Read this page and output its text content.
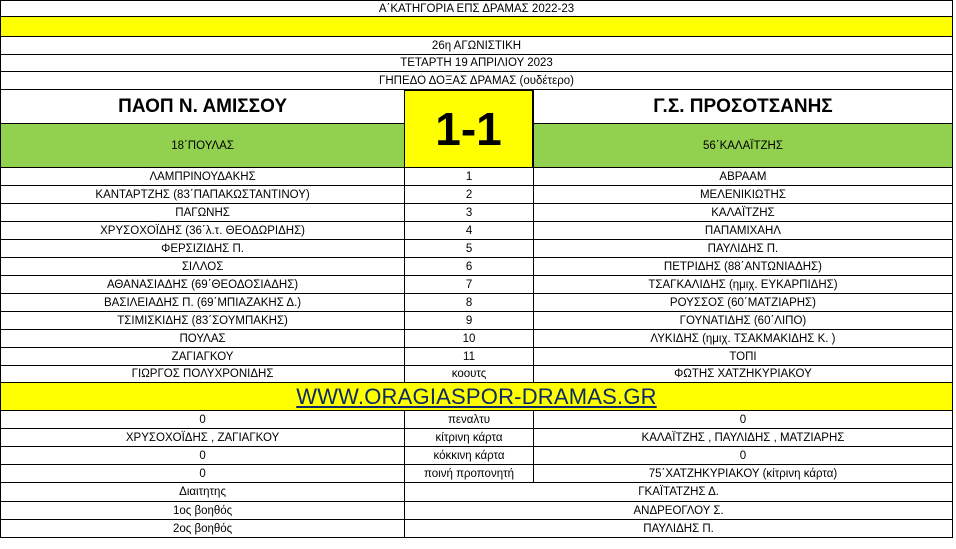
Α΄ΚΑΤΗΓΟΡΙΑ ΕΠΣ ΔΡΑΜΑΣ 2022-23
26η ΑΓΩΝΙΣΤΙΚΗ
ΤΕΤΑΡΤΗ 19 ΑΠΡΙΛΙΟΥ 2023
ΓΗΠΕΔΟ ΔΟΞΑΣ ΔΡΑΜΑΣ (ουδέτερο)
ΠΑΟΠ Ν. ΑΜΙΣΣΟΥ	Γ.Σ. ΠΡΟΣΟΤΣΑΝΗΣ
18΄ΠΟΥΛΑΣ	56΄ΚΑΛΑΪΤΖΗΣ
1-1
ΛΑΜΠΡΙΝΟΥΔΑΚΗΣ	1	ΑΒΡΑΑΜ
ΚΑΝΤΑΡΤΖΗΣ (83΄ΠΑΠΑΚΩΣΤΑΝΤΙΝΟΥ)	2	ΜΕΛΕΝΙΚΙΩΤΗΣ
ΠΑΓΩΝΗΣ	3	ΚΑΛΑΪΤΖΗΣ
ΧΡΥΣΟΧΟΪΔΗΣ (36΄λ.τ. ΘΕΟΔΩΡΙΔΗΣ)	4	ΠΑΠΑΜΙΧΑΗΛ
ΦΕΡΣΙΖΙΔΗΣ Π.	5	ΠΑΥΛΙΔΗΣ Π.
ΣΙΛΛΟΣ	6	ΠΕΤΡΙΔΗΣ (88΄ΑΝΤΩΝΙΑΔΗΣ)
ΑΘΑΝΑΣΙΑΔΗΣ (69΄ΘΕΟΔΟΣΙΑΔΗΣ)	7	ΤΣΑΓΚΑΛΙΔΗΣ (ημιχ. ΕΥΚΑΡΠΙΔΗΣ)
ΒΑΣΙΛΕΙΑΔΗΣ Π. (69΄ΜΠΙΑΖΑΚΗΣ Δ.)	8	ΡΟΥΣΣΟΣ (60΄ΜΑΤΖΙΑΡΗΣ)
ΤΣΙΜΙΣΚΙΔΗΣ (83΄ΣΟΥΜΠΑΚΗΣ)	9	ΓΟΥΝΑΤΙΔΗΣ (60΄ΛΙΠΟ)
ΠΟΥΛΑΣ	10	ΛΥΚΙΔΗΣ (ημιχ. ΤΣΑΚΜΑΚΙΔΗΣ Κ. )
ΖΑΓΙΑΓΚΟΥ	11	ΤΟΠΙ
ΓΙΩΡΓΟΣ ΠΟΛΥΧΡΟΝΙΔΗΣ	κοουτς	ΦΩΤΗΣ ΧΑΤΖΗΚΥΡΙΑΚΟΥ
WWW.ORAGIASPOR-DRAMAS.GR
0	πεναλτυ	0
ΧΡΥΣΟΧΟΪΔΗΣ , ΖΑΓΙΑΓΚΟΥ	κίτρινη κάρτα	ΚΑΛΑΪΤΖΗΣ , ΠΑΥΛΙΔΗΣ , ΜΑΤΖΙΑΡΗΣ
0	κόκκινη κάρτα	0
0	ποινή προπονητή	75΄ΧΑΤΖΗΚΥΡΙΑΚΟΥ (κίτρινη κάρτα)
Διαιτητης	ΓΚΑΪΤΑΤΖΗΣ Δ.
1ος βοηθός	ΑΝΔΡΕΟΓΛΟΥ Σ.
2ος βοηθός	ΠΑΥΛΙΔΗΣ Π.
